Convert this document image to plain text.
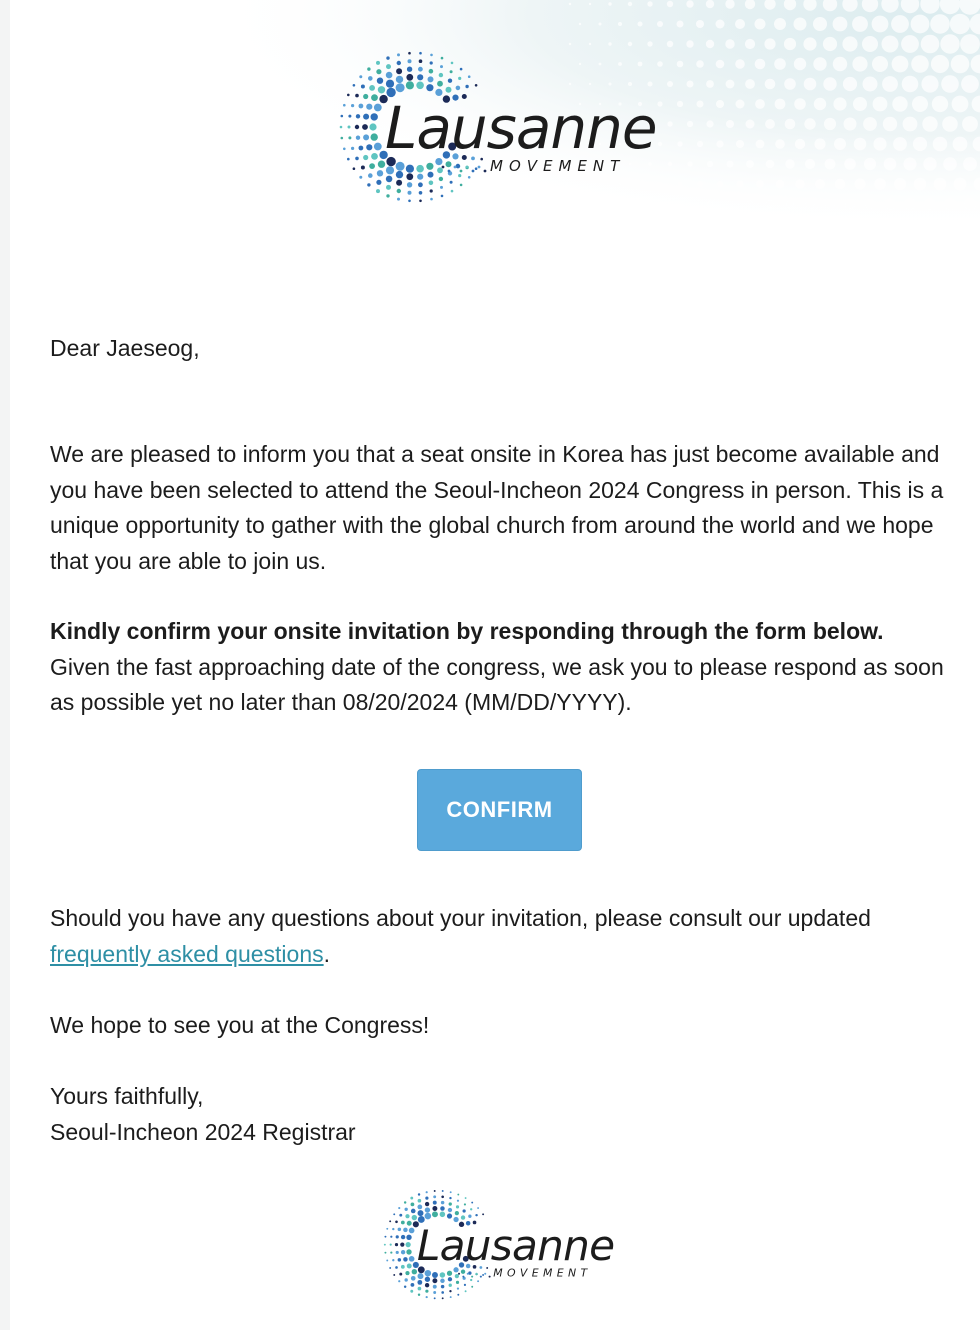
Lausanne
MOVEMENT

Dear Jaeseog,

We are pleased to inform you that a seat onsite in Korea has just become available and you have been selected to attend the Seoul-Incheon 2024 Congress in person. This is a unique opportunity to gather with the global church from around the world and we hope that you are able to join us.

Kindly confirm your onsite invitation by responding through the form below. Given the fast approaching date of the congress, we ask you to please respond as soon as possible yet no later than 08/20/2024 (MM/DD/YYYY).

CONFIRM

Should you have any questions about your invitation, please consult our updated frequently asked questions.

We hope to see you at the Congress!

Yours faithfully,
Seoul-Incheon 2024 Registrar

Lausanne
MOVEMENT
